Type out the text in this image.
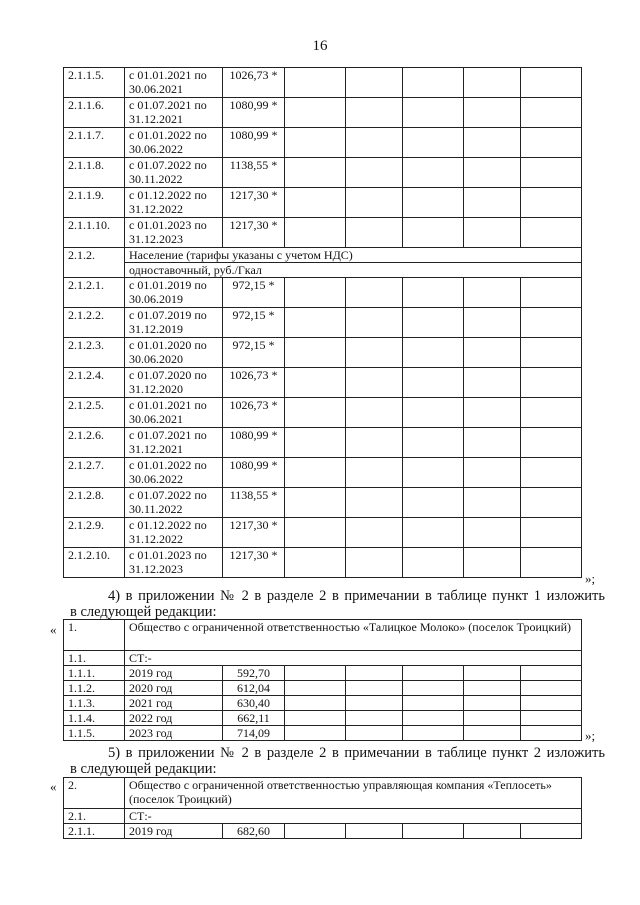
16
2.1.1.5.	с 01.01.2021 по 30.06.2021	1026,73 *					
2.1.1.6.	с 01.07.2021 по 31.12.2021	1080,99 *					
2.1.1.7.	с 01.01.2022 по 30.06.2022	1080,99 *					
2.1.1.8.	с 01.07.2022 по 30.11.2022	1138,55 *					
2.1.1.9.	с 01.12.2022 по 31.12.2022	1217,30 *					
2.1.1.10.	с 01.01.2023 по 31.12.2023	1217,30 *					
2.1.2.	Население (тарифы указаны с учетом НДС)						
	одноставочный, руб./Гкал						
2.1.2.1.	с 01.01.2019 по 30.06.2019	972,15 *					
2.1.2.2.	с 01.07.2019 по 31.12.2019	972,15 *					
2.1.2.3.	с 01.01.2020 по 30.06.2020	972,15 *					
2.1.2.4.	с 01.07.2020 по 31.12.2020	1026,73 *					
2.1.2.5.	с 01.01.2021 по 30.06.2021	1026,73 *					
2.1.2.6.	с 01.07.2021 по 31.12.2021	1080,99 *					
2.1.2.7.	с 01.01.2022 по 30.06.2022	1080,99 *					
2.1.2.8.	с 01.07.2022 по 30.11.2022	1138,55 *					
2.1.2.9.	с 01.12.2022 по 31.12.2022	1217,30 *					
2.1.2.10.	с 01.01.2023 по 31.12.2023	1217,30 *					
»;
4) в приложении № 2 в разделе 2 в примечании в таблице пункт 1 изложить
в следующей редакции:
« 1.	Общество с ограниченной ответственностью «Талицкое Молоко» (поселок Троицкий)						
1.1.	СТ:-						
1.1.1.	2019 год	592,70					
1.1.2.	2020 год	612,04					
1.1.3.	2021 год	630,40					
1.1.4.	2022 год	662,11					
1.1.5.	2023 год	714,09						»;
5) в приложении № 2 в разделе 2 в примечании в таблице пункт 2 изложить
в следующей редакции:
« 2.	Общество с ограниченной ответственностью управляющая компания «Теплосеть» (поселок Троицкий)						
2.1.	СТ:-						
2.1.1.	2019 год	682,60					
